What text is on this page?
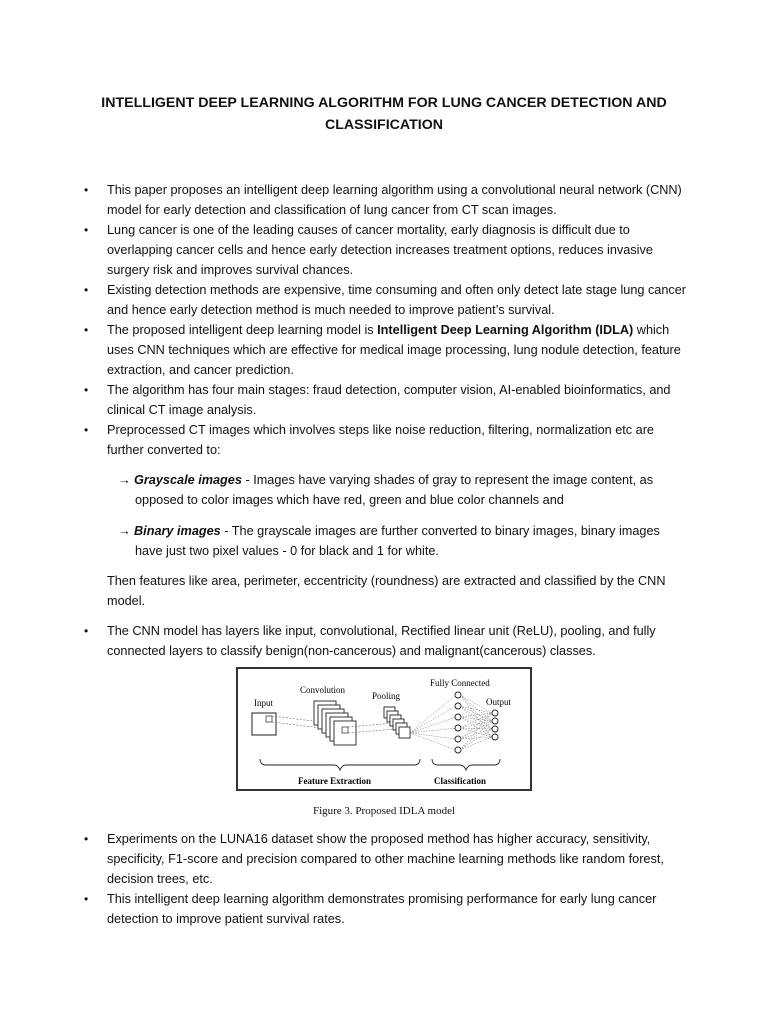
INTELLIGENT DEEP LEARNING ALGORITHM FOR LUNG CANCER DETECTION AND CLASSIFICATION
• This paper proposes an intelligent deep learning algorithm using a convolutional neural network (CNN) model for early detection and classification of lung cancer from CT scan images.
• Lung cancer is one of the leading causes of cancer mortality, early diagnosis is difficult due to overlapping cancer cells and hence early detection increases treatment options, reduces invasive surgery risk and improves survival chances.
• Existing detection methods are expensive, time consuming and often only detect late stage lung cancer and hence early detection method is much needed to improve patient’s survival.
• The proposed intelligent deep learning model is Intelligent Deep Learning Algorithm (IDLA) which uses CNN techniques which are effective for medical image processing, lung nodule detection, feature extraction, and cancer prediction.
• The algorithm has four main stages: fraud detection, computer vision, AI-enabled bioinformatics, and clinical CT image analysis.
• Preprocessed CT images which involves steps like noise reduction, filtering, normalization etc are further converted to:
→ Grayscale images - Images have varying shades of gray to represent the image content, as opposed to color images which have red, green and blue color channels and
→ Binary images - The grayscale images are further converted to binary images, binary images have just two pixel values - 0 for black and 1 for white.
Then features like area, perimeter, eccentricity (roundness) are extracted and classified by the CNN model.
• The CNN model has layers like input, convolutional, Rectified linear unit (ReLU), pooling, and fully connected layers to classify benign(non-cancerous) and malignant(cancerous) classes.
Input
Convolution
Pooling
Fully Connected
Output
Feature Extraction	Classification
Figure 3. Proposed IDLA model
• Experiments on the LUNA16 dataset show the proposed method has higher accuracy, sensitivity, specificity, F1-score and precision compared to other machine learning methods like random forest, decision trees, etc.
• This intelligent deep learning algorithm demonstrates promising performance for early lung cancer detection to improve patient survival rates.
